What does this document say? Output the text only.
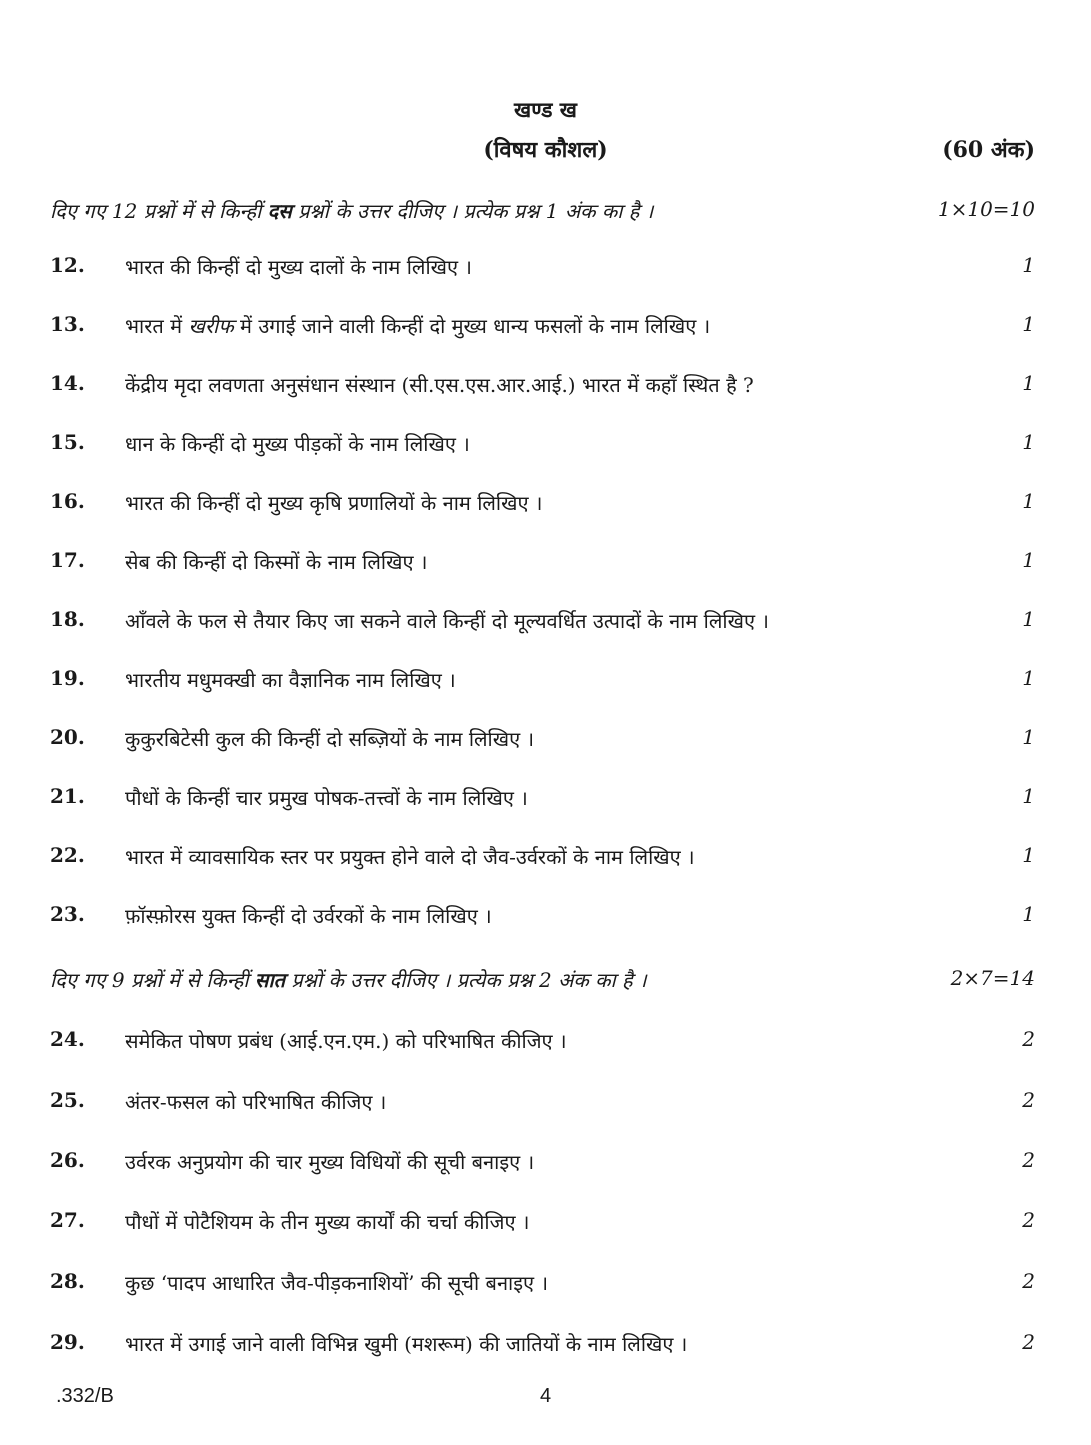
खण्ड ख
(विषय कौशल)	(60 अंक)
दिए गए 12 प्रश्नों में से किन्हीं दस प्रश्नों के उत्तर दीजिए । प्रत्येक प्रश्न 1 अंक का है ।	1×10=10
12.	भारत की किन्हीं दो मुख्य दालों के नाम लिखिए ।	1
13.	भारत में खरीफ में उगाई जाने वाली किन्हीं दो मुख्य धान्य फसलों के नाम लिखिए ।	1
14.	केंद्रीय मृदा लवणता अनुसंधान संस्थान (सी.एस.एस.आर.आई.) भारत में कहाँ स्थित है ?	1
15.	धान के किन्हीं दो मुख्य पीड़कों के नाम लिखिए ।	1
16.	भारत की किन्हीं दो मुख्य कृषि प्रणालियों के नाम लिखिए ।	1
17.	सेब की किन्हीं दो किस्मों के नाम लिखिए ।	1
18.	आँवले के फल से तैयार किए जा सकने वाले किन्हीं दो मूल्यवर्धित उत्पादों के नाम लिखिए ।	1
19.	भारतीय मधुमक्खी का वैज्ञानिक नाम लिखिए ।	1
20.	कुकुरबिटेसी कुल की किन्हीं दो सब्ज़ियों के नाम लिखिए ।	1
21.	पौधों के किन्हीं चार प्रमुख पोषक-तत्त्वों के नाम लिखिए ।	1
22.	भारत में व्यावसायिक स्तर पर प्रयुक्त होने वाले दो जैव-उर्वरकों के नाम लिखिए ।	1
23.	फ़ॉस्फ़ोरस युक्त किन्हीं दो उर्वरकों के नाम लिखिए ।	1
दिए गए 9 प्रश्नों में से किन्हीं सात प्रश्नों के उत्तर दीजिए । प्रत्येक प्रश्न 2 अंक का है ।	2×7=14
24.	समेकित पोषण प्रबंध (आई.एन.एम.) को परिभाषित कीजिए ।	2
25.	अंतर-फसल को परिभाषित कीजिए ।	2
26.	उर्वरक अनुप्रयोग की चार मुख्य विधियों की सूची बनाइए ।	2
27.	पौधों में पोटैशियम के तीन मुख्य कार्यों की चर्चा कीजिए ।	2
28.	कुछ ‘पादप आधारित जैव-पीड़कनाशियों’ की सूची बनाइए ।	2
29.	भारत में उगाई जाने वाली विभिन्न खुमी (मशरूम) की जातियों के नाम लिखिए ।	2
.332/B	4
